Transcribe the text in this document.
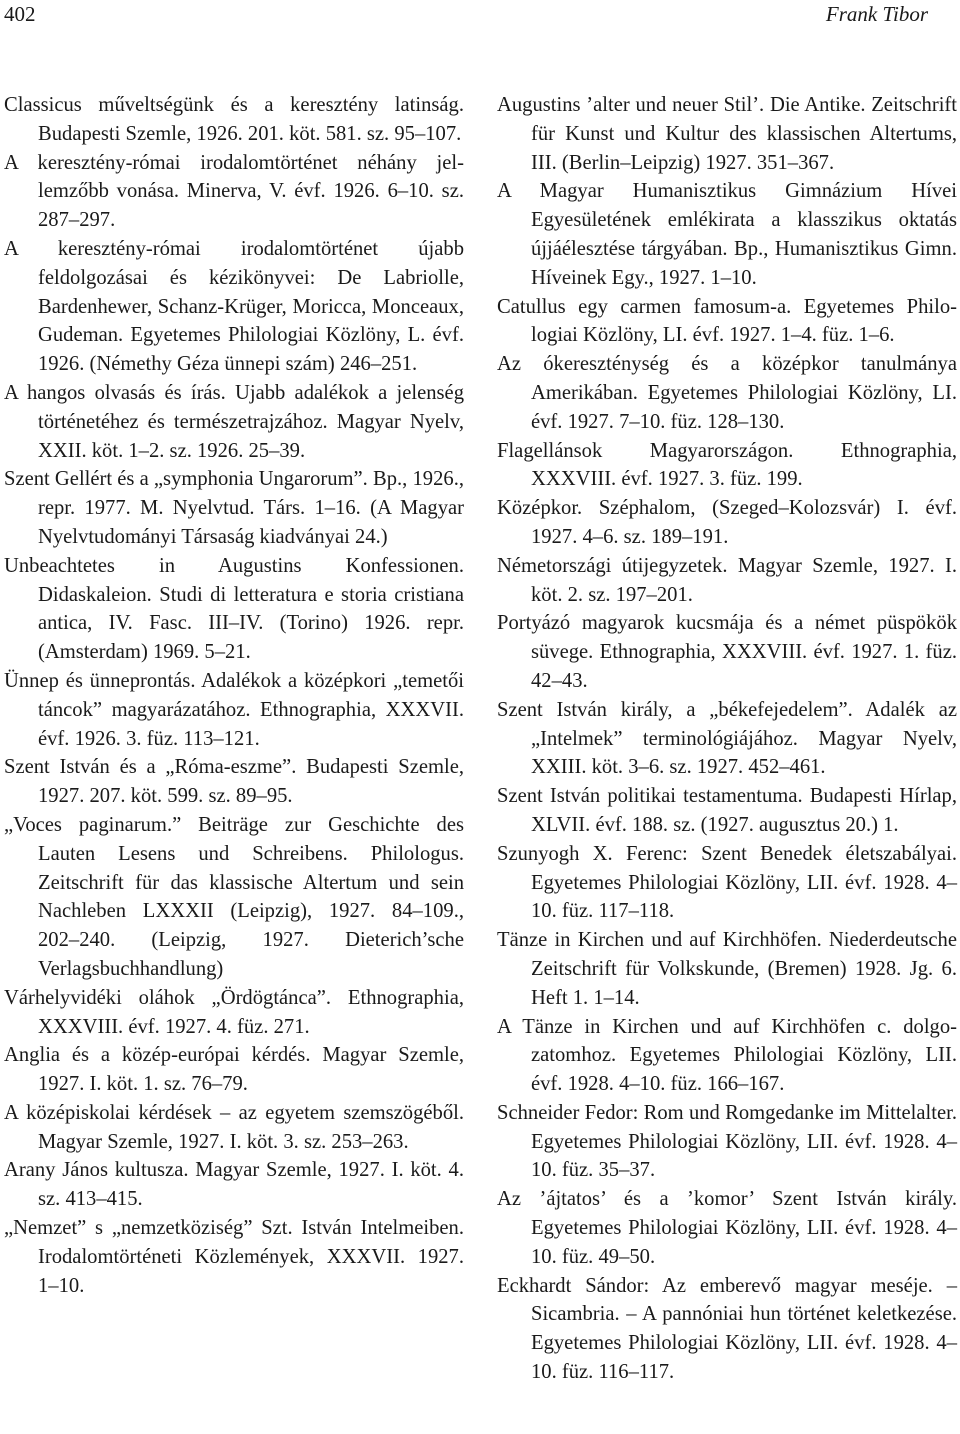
402	Frank Tibor

Classicus műveltségünk és a keresztény latinság. Budapesti Szemle, 1926. 201. köt. 581. sz. 95–107.

A keresztény-római irodalomtörténet néhány jellemzőbb vonása. Minerva, V. évf. 1926. 6–10. sz. 287–297.

A keresztény-római irodalomtörténet újabb feldolgozásai és kézikönyvei: De Labriolle, Bardenhewer, Schanz-Krüger, Moricca, Monceaux, Gudeman. Egyetemes Philologiai Közlöny, L. évf. 1926. (Némethy Géza ünnepi szám) 246–251.

A hangos olvasás és írás. Ujabb adalékok a jelenség történetéhez és természetrajzához. Magyar Nyelv, XXII. köt. 1–2. sz. 1926. 25–39.

Szent Gellért és a „symphonia Ungarorum”. Bp., 1926., repr. 1977. M. Nyelvtud. Társ. 1–16. (A Magyar Nyelvtudományi Társaság kiadványai 24.)

Unbeachtetes in Augustins Konfessionen. Didaskaleion. Studi di letteratura e storia cristiana antica, IV. Fasc. III–IV. (Torino) 1926. repr. (Amsterdam) 1969. 5–21.

Ünnep és ünneprontás. Adalékok a középkori „temetői táncok” magyarázatához. Ethnographia, XXXVII. évf. 1926. 3. füz. 113–121.

Szent István és a „Róma-eszme”. Budapesti Szemle, 1927. 207. köt. 599. sz. 89–95.

„Voces paginarum.” Beiträge zur Geschichte des Lauten Lesens und Schreibens. Philologus. Zeitschrift für das klassische Altertum und sein Nachleben LXXXII (Leipzig), 1927. 84–109., 202–240. (Leipzig, 1927. Dieterich’sche Verlagsbuchhandlung)

Várhelyvidéki oláhok „Ördögtánca”. Ethnographia, XXXVIII. évf. 1927. 4. füz. 271.

Anglia és a közép-európai kérdés. Magyar Szemle, 1927. I. köt. 1. sz. 76–79.

A középiskolai kérdések – az egyetem szemszögéből. Magyar Szemle, 1927. I. köt. 3. sz. 253–263.

Arany János kultusza. Magyar Szemle, 1927. I. köt. 4. sz. 413–415.

„Nemzet” s „nemzetköziség” Szt. István Intelmeiben. Irodalomtörténeti Közlemények, XXXVII. 1927. 1–10.

Augustins ’alter und neuer Stil’. Die Antike. Zeitschrift für Kunst und Kultur des klassischen Altertums, III. (Berlin–Leipzig) 1927. 351–367.

A Magyar Humanisztikus Gimnázium Hívei Egyesületének emlékirata a klasszikus oktatás újjáélesztése tárgyában. Bp., Humanisztikus Gimn. Híveinek Egy., 1927. 1–10.

Catullus egy carmen famosum-a. Egyetemes Philologiai Közlöny, LI. évf. 1927. 1–4. füz. 1–6.

Az ókereszténység és a középkor tanulmánya Amerikában. Egyetemes Philologiai Közlöny, LI. évf. 1927. 7–10. füz. 128–130.

Flagellánsok Magyarországon. Ethnographia, XXXVIII. évf. 1927. 3. füz. 199.

Középkor. Széphalom, (Szeged–Kolozsvár) I. évf. 1927. 4–6. sz. 189–191.

Németországi útijegyzetek. Magyar Szemle, 1927. I. köt. 2. sz. 197–201.

Portyázó magyarok kucsmája és a német püspökök süvege. Ethnographia, XXXVIII. évf. 1927. 1. füz. 42–43.

Szent István király, a „békefejedelem”. Adalék az „Intelmek” terminológiájához. Magyar Nyelv, XXIII. köt. 3–6. sz. 1927. 452–461.

Szent István politikai testamentuma. Budapesti Hírlap, XLVII. évf. 188. sz. (1927. augusztus 20.) 1.

Szunyogh X. Ferenc: Szent Benedek életszabályai. Egyetemes Philologiai Közlöny, LII. évf. 1928. 4–10. füz. 117–118.

Tänze in Kirchen und auf Kirchhöfen. Niederdeutsche Zeitschrift für Volkskunde, (Bremen) 1928. Jg. 6. Heft 1. 1–14.

A Tänze in Kirchen und auf Kirchhöfen c. dolgozatomhoz. Egyetemes Philologiai Közlöny, LII. évf. 1928. 4–10. füz. 166–167.

Schneider Fedor: Rom und Romgedanke im Mittelalter. Egyetemes Philologiai Közlöny, LII. évf. 1928. 4–10. füz. 35–37.

Az ’ájtatos’ és a ’komor’ Szent István király. Egyetemes Philologiai Közlöny, LII. évf. 1928. 4–10. füz. 49–50.

Eckhardt Sándor: Az emberevő magyar meséje. – Sicambria. – A pannóniai hun történet keletkezése. Egyetemes Philologiai Közlöny, LII. évf. 1928. 4–10. füz. 116–117.
